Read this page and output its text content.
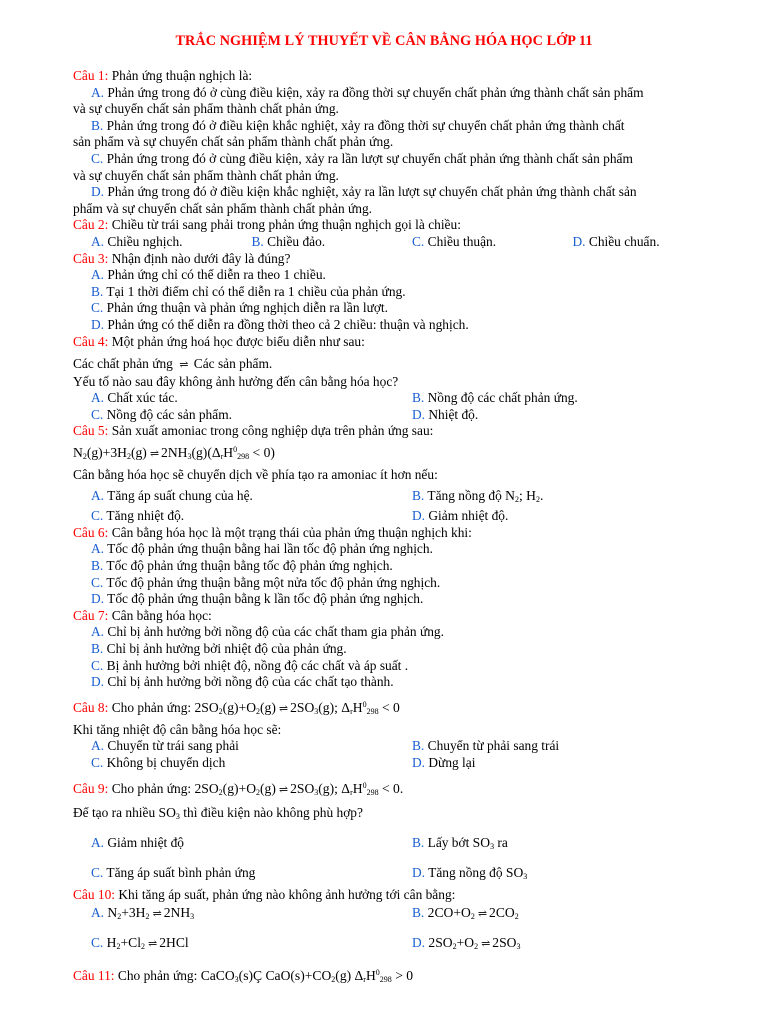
TRẮC NGHIỆM LÝ THUYẾT VỀ CÂN BẰNG HÓA HỌC LỚP 11
Câu 1: Phản ứng thuận nghịch là:
A. Phản ứng trong đó ở cùng điều kiện, xảy ra đồng thời sự chuyển chất phản ứng thành chất sản phẩm
và sự chuyển chất sản phẩm thành chất phản ứng.
B. Phản ứng trong đó ở điều kiện khắc nghiệt, xảy ra đồng thời sự chuyển chất phản ứng thành chất
sản phẩm và sự chuyển chất sản phẩm thành chất phản ứng.
C. Phản ứng trong đó ở cùng điều kiện, xảy ra lần lượt sự chuyển chất phản ứng thành chất sản phẩm
và sự chuyển chất sản phẩm thành chất phản ứng.
D. Phản ứng trong đó ở điều kiện khắc nghiệt, xảy ra lần lượt sự chuyển chất phản ứng thành chất sản
phẩm và sự chuyển chất sản phẩm thành chất phản ứng.
Câu 2: Chiều từ trái sang phải trong phản ứng thuận nghịch gọi là chiều:
A. Chiều nghịch.	B. Chiều đảo.	C. Chiều thuận.	D. Chiều chuẩn.
Câu 3: Nhận định nào dưới đây là đúng?
A. Phản ứng chỉ có thể diễn ra theo 1 chiều.
B. Tại 1 thời điểm chỉ có thể diễn ra 1 chiều của phản ứng.
C. Phản ứng thuận và phản ứng nghịch diễn ra lần lượt.
D. Phản ứng có thể diễn ra đồng thời theo cả 2 chiều: thuận và nghịch.
Câu 4: Một phản ứng hoá học được biểu diễn như sau:
Các chất phản ứng ⇌ Các sản phẩm.
Yếu tố nào sau đây không ảnh hưởng đến cân bằng hóa học?
A. Chất xúc tác.	B. Nồng độ các chất phản ứng.
C. Nồng độ các sản phẩm.	D. Nhiệt độ.
Câu 5: Sản xuất amoniac trong công nghiệp dựa trên phản ứng sau:
$N_2(g)+3H_2(g)$ ⇌ $2NH_3(g)(\Delta_rH^0_{298} < 0)$
Cân bằng hóa học sẽ chuyển dịch về phía tạo ra amoniac ít hơn nếu:
A. Tăng áp suất chung của hệ.	B. Tăng nồng độ $N_2$; $H_2$.
C. Tăng nhiệt độ.	D. Giảm nhiệt độ.
Câu 6: Cân bằng hóa học là một trạng thái của phản ứng thuận nghịch khi:
A. Tốc độ phản ứng thuận bằng hai lần tốc độ phản ứng nghịch.
B. Tốc độ phản ứng thuận bằng tốc độ phản ứng nghịch.
C. Tốc độ phản ứng thuận bằng một nửa tốc độ phản ứng nghịch.
D. Tốc độ phản ứng thuận bằng k lần tốc độ phản ứng nghịch.
Câu 7: Cân bằng hóa học:
A. Chỉ bị ảnh hưởng bởi nồng độ của các chất tham gia phản ứng.
B. Chỉ bị ảnh hưởng bởi nhiệt độ của phản ứng.
C. Bị ảnh hưởng bởi nhiệt độ, nồng độ các chất và áp suất .
D. Chỉ bị ảnh hưởng bởi nồng độ của các chất tạo thành.
Câu 8: Cho phản ứng: $2SO_2(g)+O_2(g)$ ⇌ $2SO_3(g)$; $\Delta_rH^0_{298} < 0$
Khi tăng nhiệt độ cân bằng hóa học sẽ:
A. Chuyển từ trái sang phải	B. Chuyển từ phải sang trái
C. Không bị chuyển dịch	D. Dừng lại
Câu 9: Cho phản ứng: $2SO_2(g)+O_2(g)$ ⇌ $2SO_3(g)$; $\Delta_rH^0_{298} < 0$.
Để tạo ra nhiều $SO_3$ thì điều kiện nào không phù hợp?
A. Giảm nhiệt độ	B. Lấy bớt $SO_3$ ra
C. Tăng áp suất bình phản ứng	D. Tăng nồng độ $SO_3$
Câu 10: Khi tăng áp suất, phản ứng nào không ảnh hưởng tới cân bằng:
A. $N_2+3H_2$ ⇌ $2NH_3$	B. $2CO+O_2$ ⇌ $2CO_2$
C. $H_2+Cl_2$ ⇌ 2HCl	D. $2SO_2+O_2$ ⇌ $2SO_3$
Câu 11: Cho phản ứng: CaCO$_3$(s)Ç $CaO(s)+CO_2(g) \Delta_rH^0_{298} > 0$
